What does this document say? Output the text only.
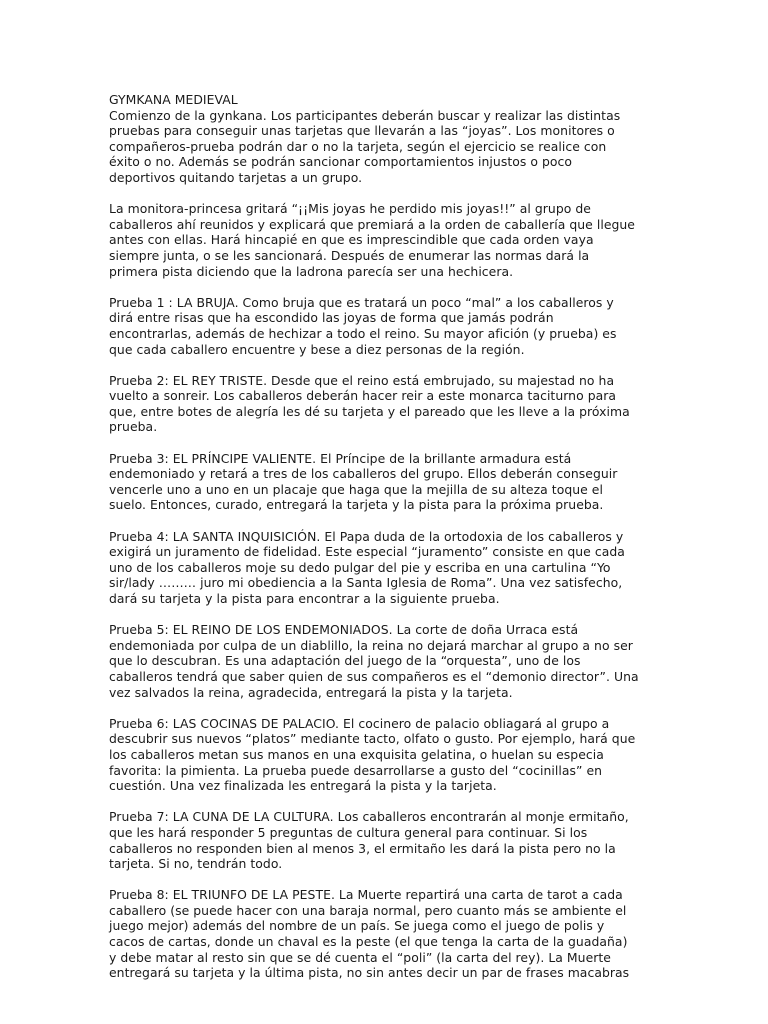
GYMKANA MEDIEVAL
Comienzo de la gynkana. Los participantes deberán buscar y realizar las distintas
pruebas para conseguir unas tarjetas que llevarán a las “joyas”. Los monitores o
compañeros-prueba podrán dar o no la tarjeta, según el ejercicio se realice con
éxito o no. Además se podrán sancionar comportamientos injustos o poco
deportivos quitando tarjetas a un grupo.
La monitora-princesa gritará “¡¡Mis joyas he perdido mis joyas!!” al grupo de
caballeros ahí reunidos y explicará que premiará a la orden de caballería que llegue
antes con ellas. Hará hincapié en que es imprescindible que cada orden vaya
siempre junta, o se les sancionará. Después de enumerar las normas dará la
primera pista diciendo que la ladrona parecía ser una hechicera.
Prueba 1 : LA BRUJA. Como bruja que es tratará un poco “mal” a los caballeros y
dirá entre risas que ha escondido las joyas de forma que jamás podrán
encontrarlas, además de hechizar a todo el reino. Su mayor afición (y prueba) es
que cada caballero encuentre y bese a diez personas de la región.
Prueba 2: EL REY TRISTE. Desde que el reino está embrujado, su majestad no ha
vuelto a sonreir. Los caballeros deberán hacer reir a este monarca taciturno para
que, entre botes de alegría les dé su tarjeta y el pareado que les lleve a la próxima
prueba.
Prueba 3: EL PRÍNCIPE VALIENTE. El Príncipe de la brillante armadura está
endemoniado y retará a tres de los caballeros del grupo. Ellos deberán conseguir
vencerle uno a uno en un placaje que haga que la mejilla de su alteza toque el
suelo. Entonces, curado, entregará la tarjeta y la pista para la próxima prueba.
Prueba 4: LA SANTA INQUISICIÓN. El Papa duda de la ortodoxia de los caballeros y
exigirá un juramento de fidelidad. Este especial “juramento” consiste en que cada
uno de los caballeros moje su dedo pulgar del pie y escriba en una cartulina “Yo
sir/lady ……… juro mi obediencia a la Santa Iglesia de Roma”. Una vez satisfecho,
dará su tarjeta y la pista para encontrar a la siguiente prueba.
Prueba 5: EL REINO DE LOS ENDEMONIADOS. La corte de doña Urraca está
endemoniada por culpa de un diablillo, la reina no dejará marchar al grupo a no ser
que lo descubran. Es una adaptación del juego de la “orquesta”, uno de los
caballeros tendrá que saber quien de sus compañeros es el “demonio director”. Una
vez salvados la reina, agradecida, entregará la pista y la tarjeta.
Prueba 6: LAS COCINAS DE PALACIO. El cocinero de palacio obliagará al grupo a
descubrir sus nuevos “platos” mediante tacto, olfato o gusto. Por ejemplo, hará que
los caballeros metan sus manos en una exquisita gelatina, o huelan su especia
favorita: la pimienta. La prueba puede desarrollarse a gusto del “cocinillas” en
cuestión. Una vez finalizada les entregará la pista y la tarjeta.
Prueba 7: LA CUNA DE LA CULTURA. Los caballeros encontrarán al monje ermitaño,
que les hará responder 5 preguntas de cultura general para continuar. Si los
caballeros no responden bien al menos 3, el ermitaño les dará la pista pero no la
tarjeta. Si no, tendrán todo.
Prueba 8: EL TRIUNFO DE LA PESTE. La Muerte repartirá una carta de tarot a cada
caballero (se puede hacer con una baraja normal, pero cuanto más se ambiente el
juego mejor) además del nombre de un país. Se juega como el juego de polis y
cacos de cartas, donde un chaval es la peste (el que tenga la carta de la guadaña)
y debe matar al resto sin que se dé cuenta el “poli” (la carta del rey). La Muerte
entregará su tarjeta y la última pista, no sin antes decir un par de frases macabras
